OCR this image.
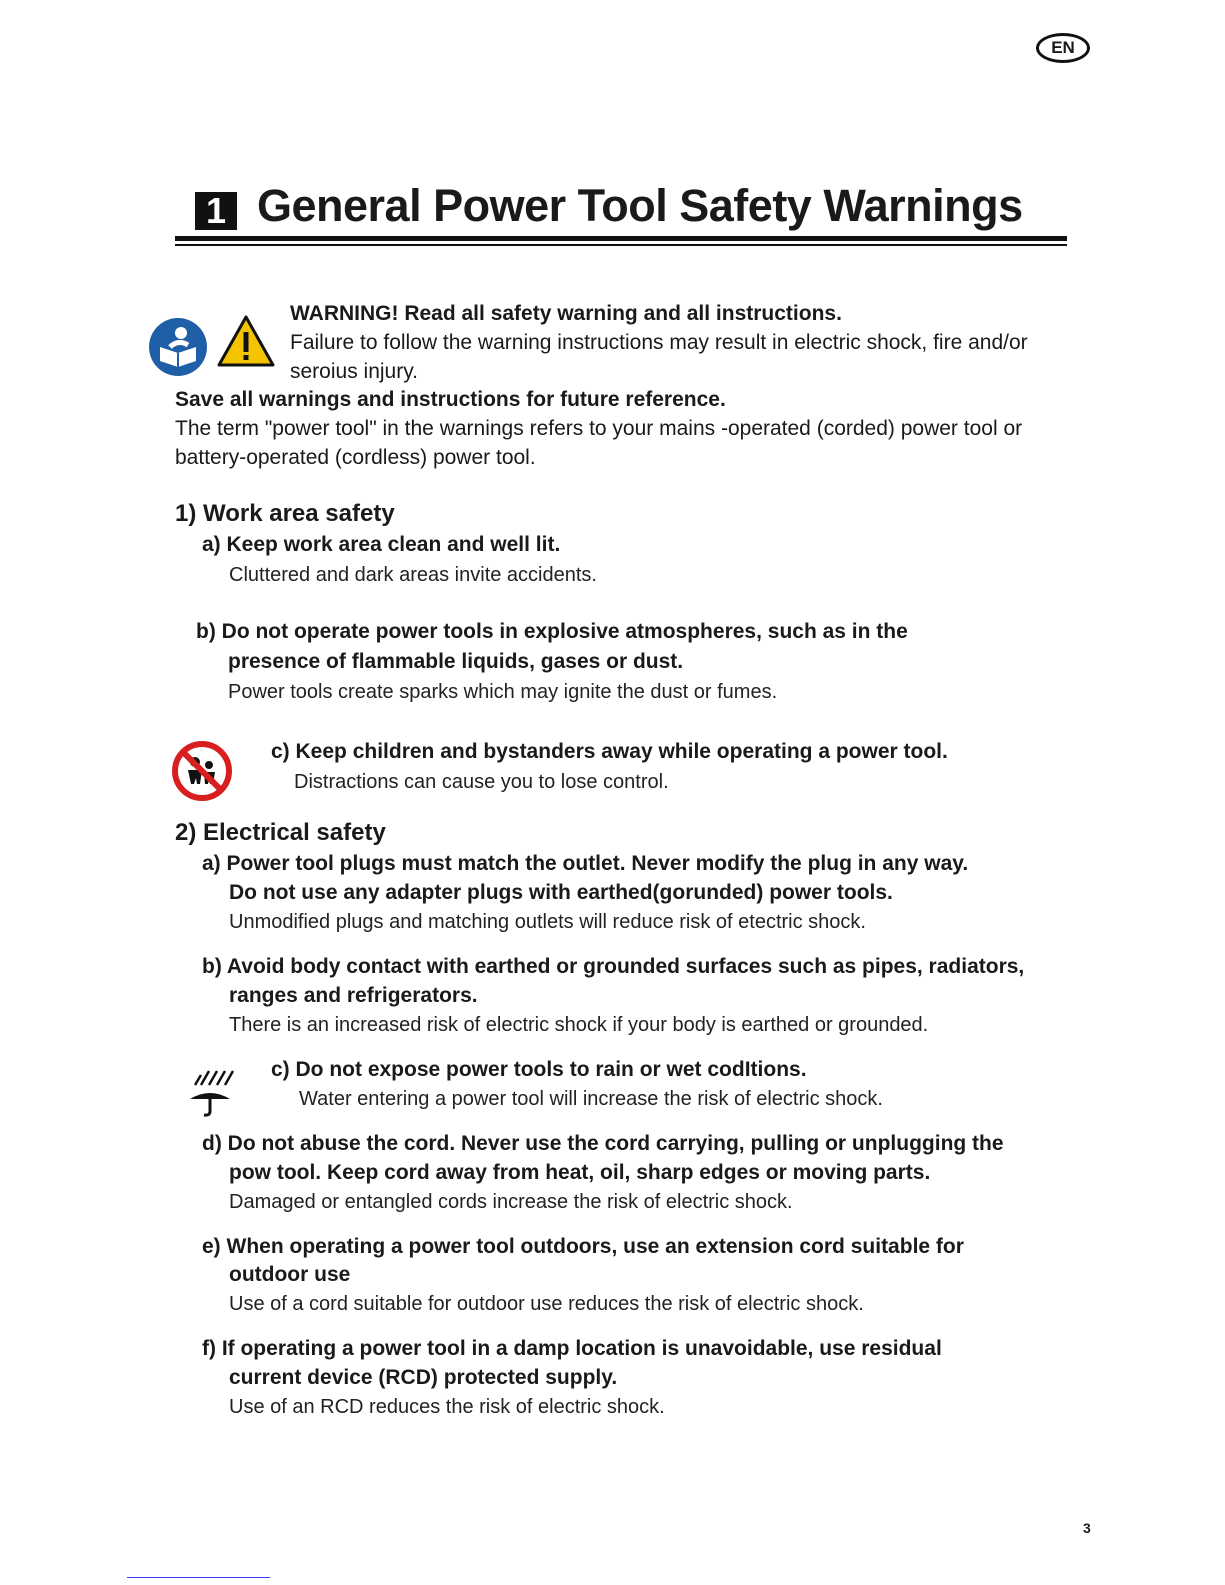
EN
1 General Power Tool Safety Warnings
WARNING! Read all safety warning and all instructions.
Failure to follow the warning instructions may result in electric shock, fire and/or
seroius injury.
Save all warnings and instructions for future reference.
The term "power tool" in the warnings refers to your mains -operated (corded) power tool or
battery-operated (cordless) power tool.
1) Work area safety
a) Keep work area clean and well lit.
Cluttered and dark areas invite accidents.
b) Do not operate power tools in explosive atmospheres, such as in the
presence of flammable liquids, gases or dust.
Power tools create sparks which may ignite the dust or fumes.
c) Keep children and bystanders away while operating a power tool.
Distractions can cause you to lose control.
2) Electrical safety
a) Power tool plugs must match the outlet. Never modify the plug in any way.
Do not use any adapter plugs with earthed(gorunded) power tools.
Unmodified plugs and matching outlets will reduce risk of etectric shock.
b) Avoid body contact with earthed or grounded surfaces such as pipes, radiators,
ranges and refrigerators.
There is an increased risk of electric shock if your body is earthed or grounded.
c) Do not expose power tools to rain or wet codItions.
Water entering a power tool will increase the risk of electric shock.
d) Do not abuse the cord. Never use the cord carrying, pulling or unplugging the
pow tool. Keep cord away from heat, oil, sharp edges or moving parts.
Damaged or entangled cords increase the risk of electric shock.
e) When operating a power tool outdoors, use an extension cord suitable for
outdoor use
Use of a cord suitable for outdoor use reduces the risk of electric shock.
f) If operating a power tool in a damp location is unavoidable, use residual
current device (RCD) protected supply.
Use of an RCD reduces the risk of electric shock.
3
